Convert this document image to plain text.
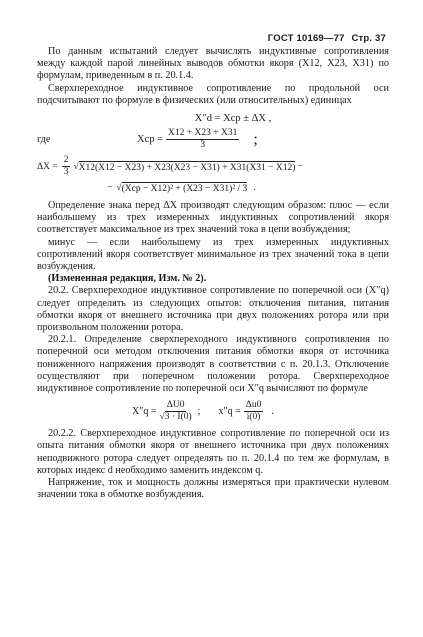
ГОСТ 10169—77 Стр. 37

По данным испытаний следует вычислять индуктивные сопротивления между каждой парой линейных выводов обмотки якоря (X12, X23, X31) по формулам, приведенным в п. 20.1.4.

Сверхпереходное индуктивное сопротивление по продольной оси подсчитывают по формуле в физических (или относительных) единицах

X″d = Xср ± ΔX ,
где	Xср = $\frac{X12 + X23 + X31}{3}$ ;
$\Delta X = \frac{2}{3}$ √ X12(X12 − X23) + X23(X23 − X31) + X31(X31 − X12) −
− √ (Xср − X12)² + (X23 − X31)² / 3 .

Определение знака перед ΔX производят следующим образом: плюс — если наибольшему из трех измеренных индуктивных сопротивлений якоря соответствует максимальное из трех значений тока в цепи возбуждения;

минус — если наибольшему из трех измеренных индуктивных сопротивлений якоря соответствует минимальное из трех значений тока в цепи возбуждения.

(Измененная редакция, Изм. № 2).

20.2. Сверхпереходное индуктивное сопротивление по поперечной оси (X″q) следует определять из следующих опытов: отключения питания, питания обмотки якоря от внешнего источника при двух положениях ротора или при произвольном положении ротора.

20.2.1. Определение сверхпереходного индуктивного сопротивления по поперечной оси методом отключения питания обмотки якоря от источника пониженного напряжения производят в соответствии с п. 20.1.3. Отключение осуществляют при поперечном положении ротора. Сверхпереходное индуктивное сопротивление по поперечной оси X″q вычисляют по формуле

$X''q = \frac{\Delta U0}{√3 \cdot I(0)}$ ; $x''q = \frac{\Delta u0}{i(0)}$ .

20.2.2. Сверхпереходное индуктивное сопротивление по поперечной оси из опыта питания обмотки якоря от внешнего источника при двух положениях неподвижного ротора следует определять по п. 20.1.4 по тем же формулам, в которых индекс d необходимо заменить индексом q.

Напряжение, ток и мощность должны измеряться при практически нулевом значении тока в обмотке возбуждения.
